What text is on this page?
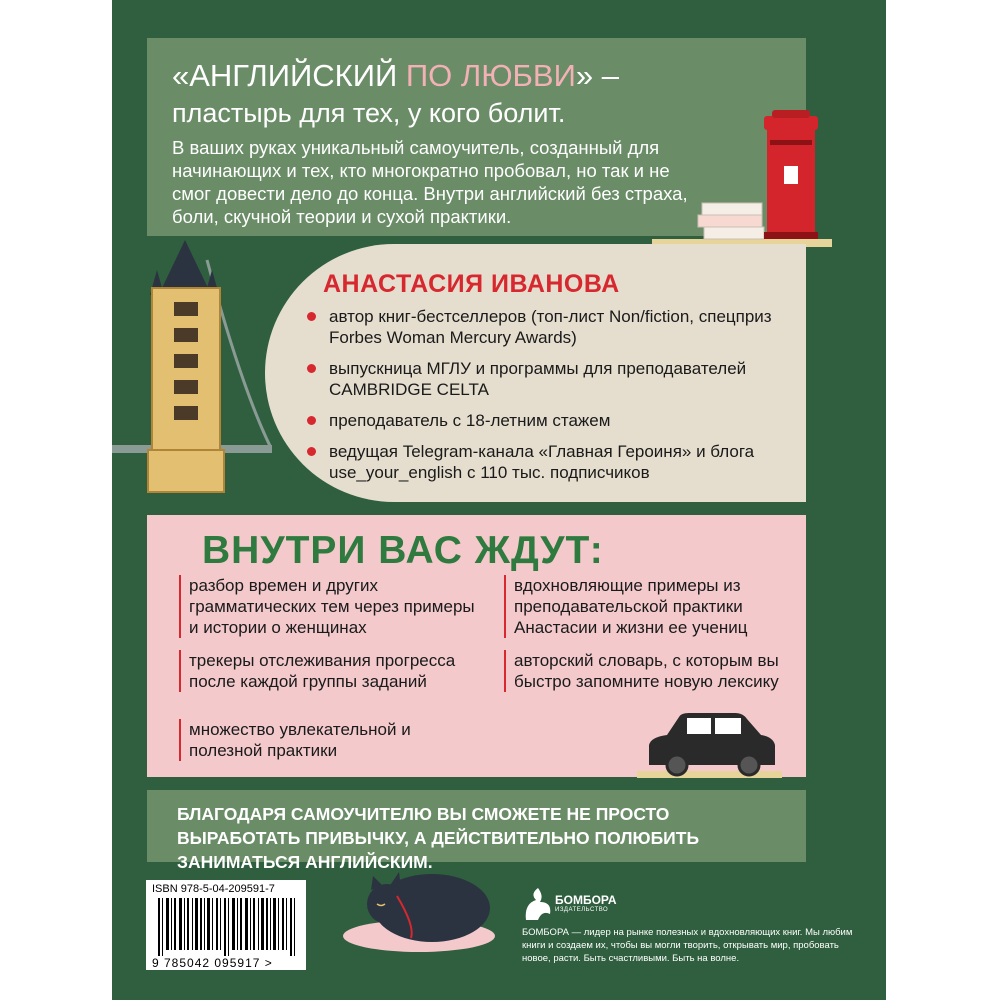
«АНГЛИЙСКИЙ ПО ЛЮБВИ» –
пластырь для тех, у кого болит.
В ваших руках уникальный самоучитель, созданный для начинающих и тех, кто многократно пробовал, но так и не смог довести дело до конца. Внутри английский без страха, боли, скучной теории и сухой практики.
АНАСТАСИЯ ИВАНОВА
автор книг-бестселлеров (топ-лист Non/fiction, спецприз Forbes Woman Mercury Awards)
выпускница МГЛУ и программы для преподавателей CAMBRIDGE CELTA
преподаватель с 18-летним стажем
ведущая Telegram-канала «Главная Героиня» и блога use_your_english с 110 тыс. подписчиков
ВНУТРИ ВАС ЖДУТ:
разбор времен и других грамматических тем через примеры и истории о женщинах
трекеры отслеживания прогресса после каждой группы заданий
множество увлекательной и полезной практики
вдохновляющие примеры из преподавательской практики Анастасии и жизни ее учениц
авторский словарь, с которым вы быстро запомните новую лексику
БЛАГОДАРЯ САМОУЧИТЕЛЮ ВЫ СМОЖЕТЕ НЕ ПРОСТО ВЫРАБОТАТЬ ПРИВЫЧКУ, А ДЕЙСТВИТЕЛЬНО ПОЛЮБИТЬ ЗАНИМАТЬСЯ АНГЛИЙСКИМ.
ISBN 978-5-04-209591-7
9 785042 095917 >
БОМБОРА
ИЗДАТЕЛЬСТВО
БОМБОРА — лидер на рынке полезных и вдохновляющих книг. Мы любим книги и создаем их, чтобы вы могли творить, открывать мир, пробовать новое, расти. Быть счастливыми. Быть на волне.
